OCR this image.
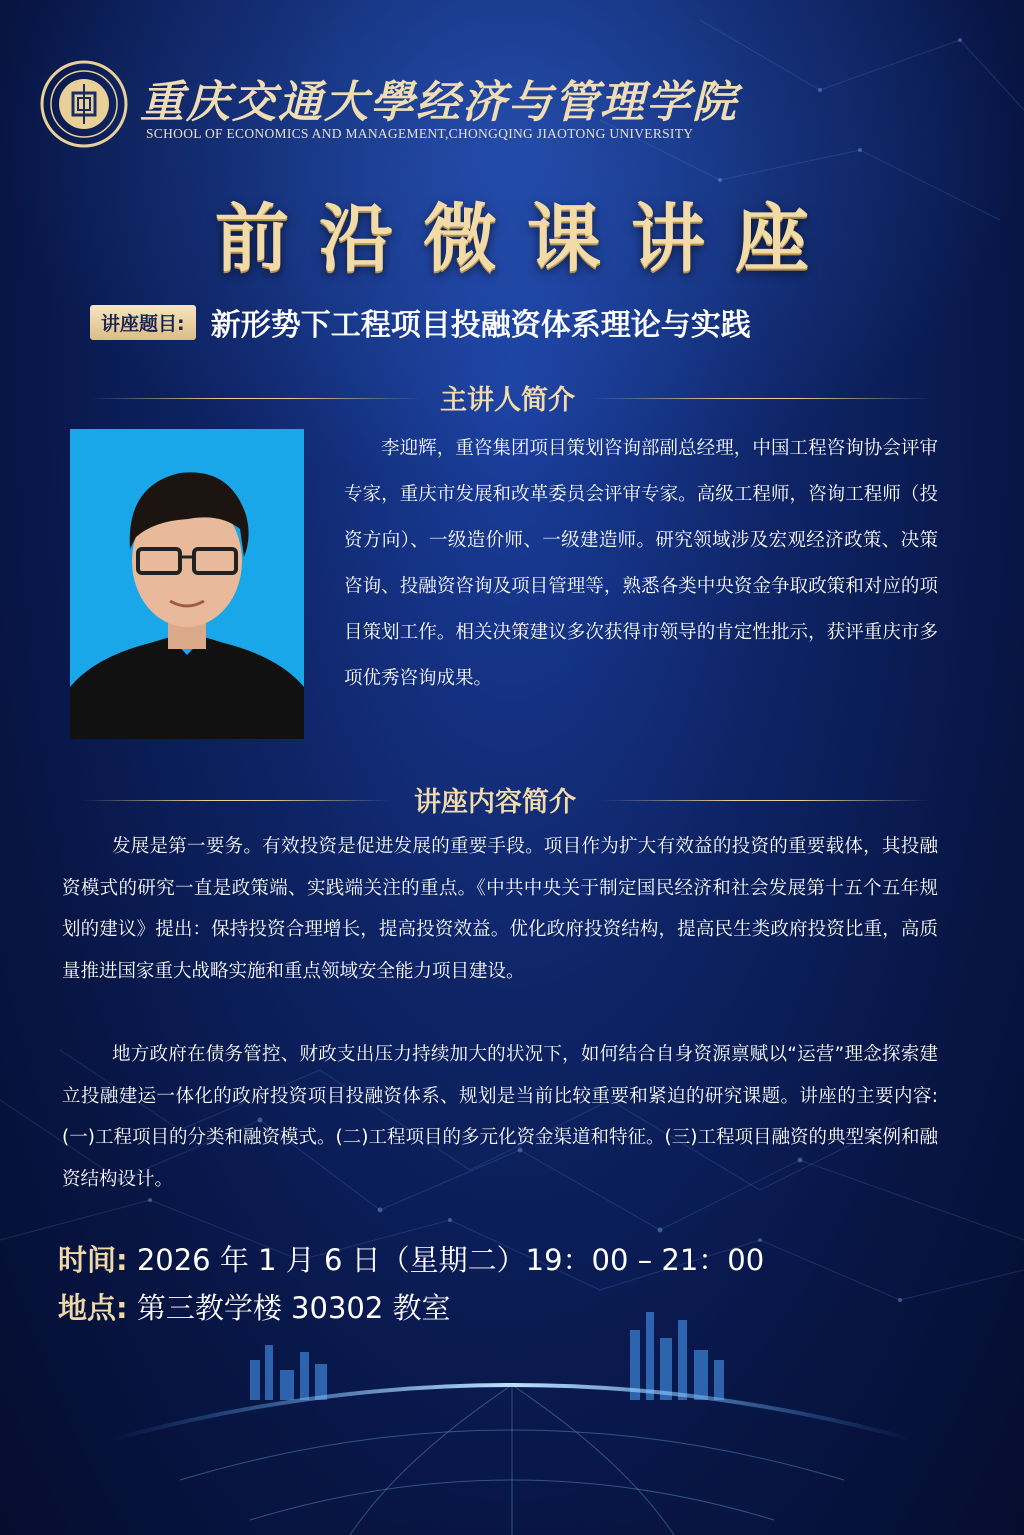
重庆交通大學经济与管理学院
SCHOOL OF ECONOMICS AND MANAGEMENT,CHONGQING JIAOTONG UNIVERSITY
前沿微课讲座
讲座题目: 新形势下工程项目投融资体系理论与实践
主讲人简介
李迎辉，重咨集团项目策划咨询部副总经理，中国工程咨询协会评审专家，重庆市发展和改革委员会评审专家。高级工程师，咨询工程师（投资方向）、一级造价师、一级建造师。研究领域涉及宏观经济政策、决策咨询、投融资咨询及项目管理等，熟悉各类中央资金争取政策和对应的项目策划工作。相关决策建议多次获得市领导的肯定性批示，获评重庆市多项优秀咨询成果。
讲座内容简介
发展是第一要务。有效投资是促进发展的重要手段。项目作为扩大有效益的投资的重要载体，其投融资模式的研究一直是政策端、实践端关注的重点。《中共中央关于制定国民经济和社会发展第十五个五年规划的建议》提出：保持投资合理增长，提高投资效益。优化政府投资结构，提高民生类政府投资比重，高质量推进国家重大战略实施和重点领域安全能力项目建设。
地方政府在债务管控、财政支出压力持续加大的状况下，如何结合自身资源禀赋以“运营”理念探索建立投融建运一体化的政府投资项目投融资体系、规划是当前比较重要和紧迫的研究课题。讲座的主要内容:(一)工程项目的分类和融资模式。(二)工程项目的多元化资金渠道和特征。(三)工程项目融资的典型案例和融资结构设计。
时间: 2026 年 1 月 6 日（星期二）19：00 – 21：00
地点: 第三教学楼 30302 教室
